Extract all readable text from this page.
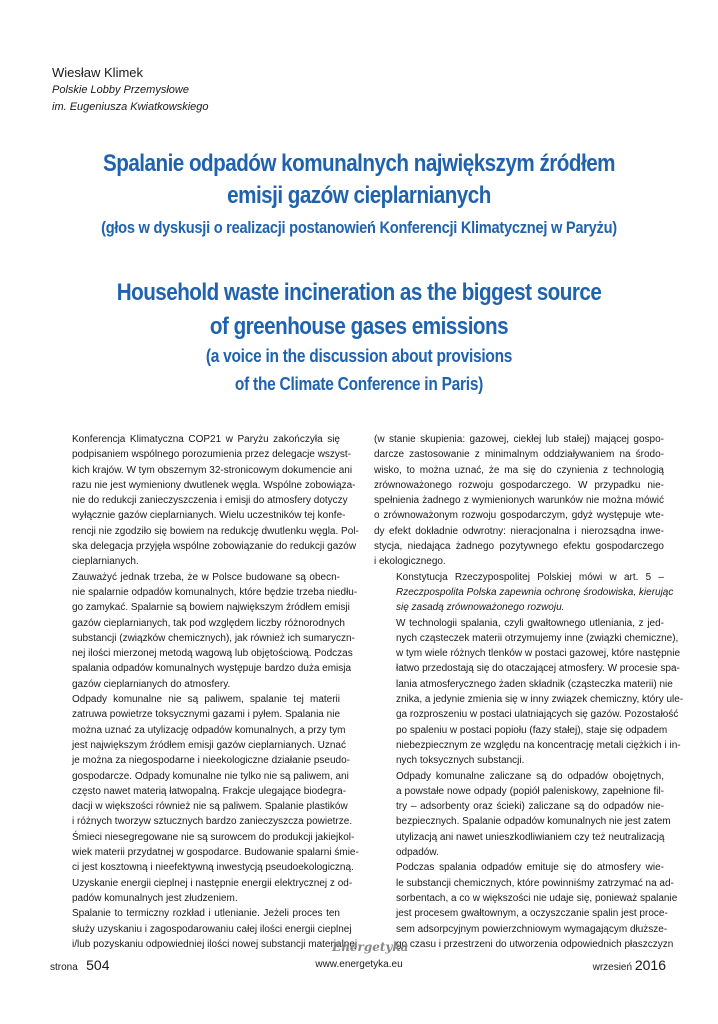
Wiesław Klimek
Polskie Lobby Przemysłowe
im. Eugeniusza Kwiatkowskiego
Spalanie odpadów komunalnych największym źródłem
emisji gazów cieplarnianych
(głos w dyskusji o realizacji postanowień Konferencji Klimatycznej w Paryżu)
Household waste incineration as the biggest source
of greenhouse gases emissions
(a voice in the discussion about provisions
of the Climate Conference in Paris)

Konferencja Klimatyczna COP21 w Paryżu zakończyła się
podpisaniem wspólnego porozumienia przez delegacje wszyst-
kich krajów. W tym obszernym 32-stronicowym dokumencie ani
razu nie jest wymieniony dwutlenek węgla. Wspólne zobowiąza-
nie do redukcji zanieczyszczenia i emisji do atmosfery dotyczy
wyłącznie gazów cieplarnianych. Wielu uczestników tej konfe-
rencji nie zgodziło się bowiem na redukcję dwutlenku węgla. Pol-
ska delegacja przyjęła wspólne zobowiązanie do redukcji gazów
cieplarnianych.

Zauważyć jednak trzeba, że w Polsce budowane są obecn-
nie spalarnie odpadów komunalnych, które będzie trzeba niedłu-
go zamykać. Spalarnie są bowiem największym źródłem emisji
gazów cieplarnianych, tak pod względem liczby różnorodnych
substancji (związków chemicznych), jak również ich sumaryczn-
nej ilości mierzonej metodą wagową lub objętościową. Podczas
spalania odpadów komunalnych występuje bardzo duża emisja
gazów cieplarnianych do atmosfery.

Odpady komunalne nie są paliwem, spalanie tej materii
zatruwa powietrze toksycznymi gazami i pyłem. Spalania nie
można uznać za utylizację odpadów komunalnych, a przy tym
jest największym źródłem emisji gazów cieplarnianych. Uznać
je można za niegospodarne i nieekologiczne działanie pseudo-
gospodarcze. Odpady komunalne nie tylko nie są paliwem, ani
często nawet materią łatwopalną. Frakcje ulegające biodegra-
dacji w większości również nie są paliwem. Spalanie plastików
i różnych tworzyw sztucznych bardzo zanieczyszcza powietrze.
Śmieci niesegregowane nie są surowcem do produkcji jakiejkol-
wiek materii przydatnej w gospodarce. Budowanie spalarni śmie-
ci jest kosztowną i nieefektywną inwestycją pseudoekologiczną.
Uzyskanie energii cieplnej i następnie energii elektrycznej z od-
padów komunalnych jest złudzeniem.

Spalanie to termiczny rozkład i utlenianie. Jeżeli proces ten
służy uzyskaniu i zagospodarowaniu całej ilości energii cieplnej
i/lub pozyskaniu odpowiedniej ilości nowej substancji materialnej

(w stanie skupienia: gazowej, ciekłej lub stałej) mającej gospo-
darcze zastosowanie z minimalnym oddziaływaniem na środo-
wisko, to można uznać, że ma się do czynienia z technologią
zrównoważonego rozwoju gospodarczego. W przypadku nie-
spełnienia żadnego z wymienionych warunków nie można mówić
o zrównoważonym rozwoju gospodarczym, gdyż występuje wte-
dy efekt dokładnie odwrotny: nieracjonalna i nierozsądna inwe-
stycja, niedająca żadnego pozytywnego efektu gospodarczego
i ekologicznego.

Konstytucja Rzeczypospolitej Polskiej mówi w art. 5 –
Rzeczpospolita Polska zapewnia ochronę środowiska, kierując
się zasadą zrównoważonego rozwoju.

W technologii spalania, czyli gwałtownego utleniania, z jed-
nych cząsteczek materii otrzymujemy inne (związki chemiczne),
w tym wiele różnych tlenków w postaci gazowej, które następnie
łatwo przedostają się do otaczającej atmosfery. W procesie spa-
lania atmosferycznego żaden składnik (cząsteczka materii) nie
znika, a jedynie zmienia się w inny związek chemiczny, który ule-
ga rozproszeniu w postaci ulatniających się gazów. Pozostałość
po spaleniu w postaci popiołu (fazy stałej), staje się odpadem
niebezpiecznym ze względu na koncentrację metali ciężkich i in-
nych toksycznych substancji.

Odpady komunalne zaliczane są do odpadów obojętnych,
a powstałe nowe odpady (popiół paleniskowy, zapełnione fil-
try – adsorbenty oraz ścieki) zaliczane są do odpadów nie-
bezpiecznych. Spalanie odpadów komunalnych nie jest zatem
utylizacją ani nawet unieszkodliwianiem czy też neutralizacją
odpadów.

Podczas spalania odpadów emituje się do atmosfery wie-
le substancji chemicznych, które powinniśmy zatrzymać na ad-
sorbentach, a co w większości nie udaje się, ponieważ spalanie
jest procesem gwałtownym, a oczyszczanie spalin jest proce-
sem adsorpcyjnym powierzchniowym wymagającym dłuższe-
go czasu i przestrzeni do utworzenia odpowiednich płaszczyzn

Energetyka
strona 504	www.energetyka.eu	wrzesień 2016
